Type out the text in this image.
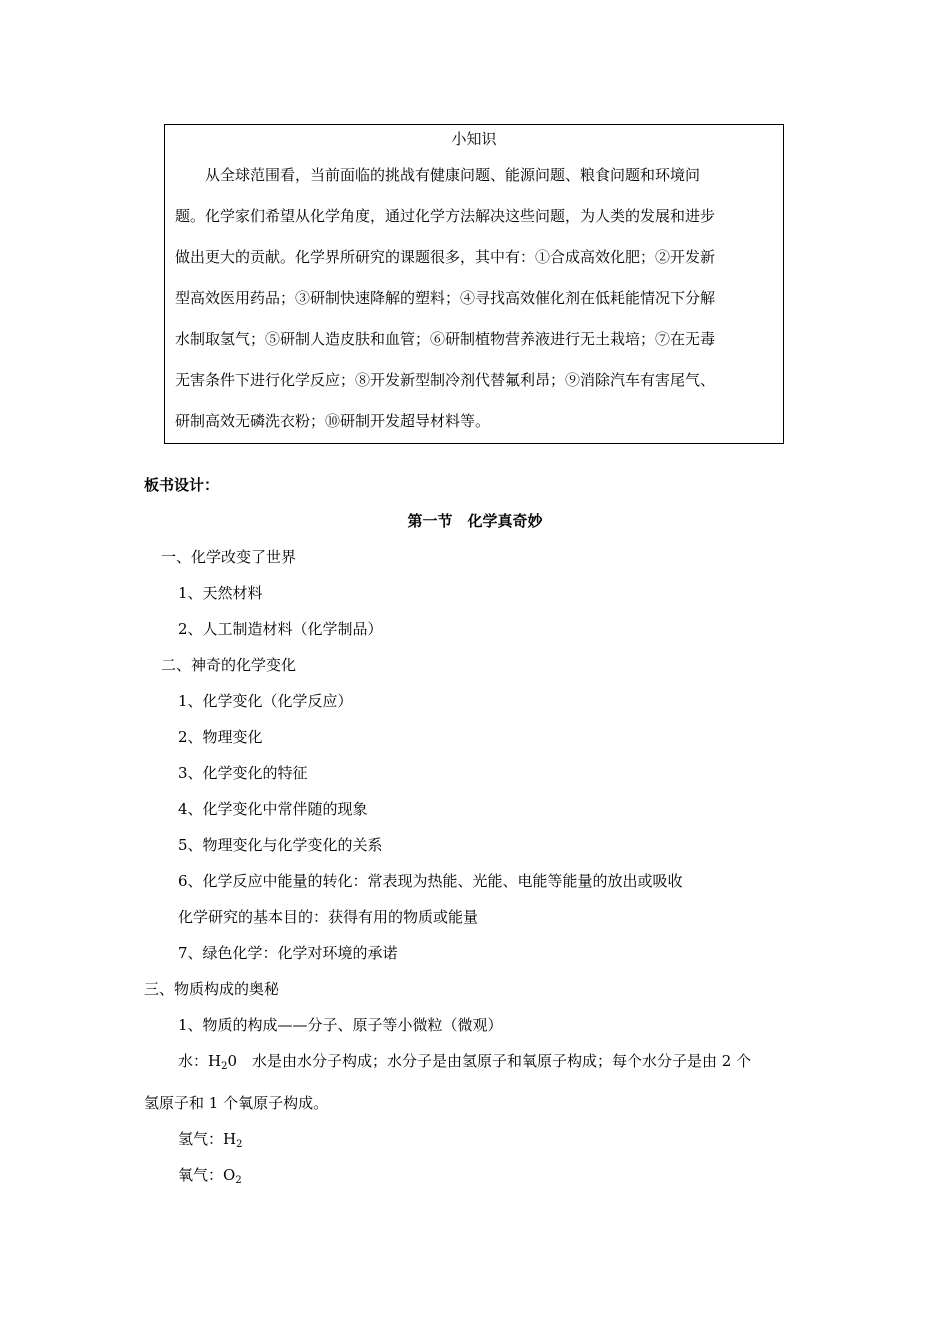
小知识
　　从全球范围看，当前面临的挑战有健康问题、能源问题、粮食问题和环境问
题。化学家们希望从化学角度，通过化学方法解决这些问题，为人类的发展和进步
做出更大的贡献。化学界所研究的课题很多，其中有：①合成高效化肥；②开发新
型高效医用药品；③研制快速降解的塑料；④寻找高效催化剂在低耗能情况下分解
水制取氢气；⑤研制人造皮肤和血管；⑥研制植物营养液进行无土栽培；⑦在无毒
无害条件下进行化学反应；⑧开发新型制冷剂代替氟利昂；⑨消除汽车有害尾气、
研制高效无磷洗衣粉；⑩研制开发超导材料等。
板书设计：
第一节　化学真奇妙
一、化学改变了世界
1、天然材料
2、人工制造材料（化学制品）
二、神奇的化学变化
1、化学变化（化学反应）
2、物理变化
3、化学变化的特征
4、化学变化中常伴随的现象
5、物理变化与化学变化的关系
6、化学反应中能量的转化：常表现为热能、光能、电能等能量的放出或吸收
化学研究的基本目的：获得有用的物质或能量
7、绿色化学：化学对环境的承诺
三、物质构成的奥秘
1、物质的构成——分子、原子等小微粒（微观）
水：$H_20$　水是由水分子构成；水分子是由氢原子和氧原子构成；每个水分子是由 2 个
氢原子和 1 个氧原子构成。
氢气：$H_2$
氧气：$O_2$
